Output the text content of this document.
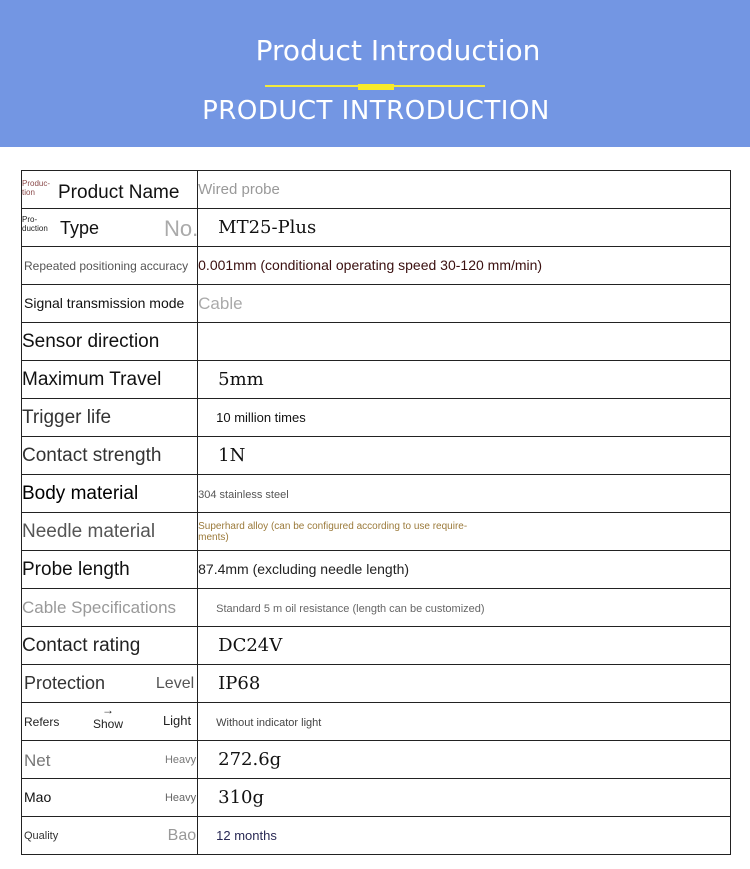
Product Introduction
PRODUCT INTRODUCTION
Produc-
tion Product Name	Wired probe

Pro-
duction Type No.	MT25-Plus
Repeated positioning accuracy	0.001mm (conditional operating speed 30-120 mm/min)
Signal transmission mode	Cable
Sensor direction	
Maximum Travel	5mm
Trigger life	10 million times
Contact strength	1N
Body material	304 stainless steel
Needle material	Superhard alloy (can be configured according to use require-
ments)

Probe length	87.4mm (excluding needle length)
Cable Specifications	Standard 5 m oil resistance (length can be customized)
Contact rating	DC24V

Protection Level	IP68

Refers
→
Show Light	Without indicator light

Net Heavy	272.6g

Mao Heavy	310g

Quality Bao	12 months
